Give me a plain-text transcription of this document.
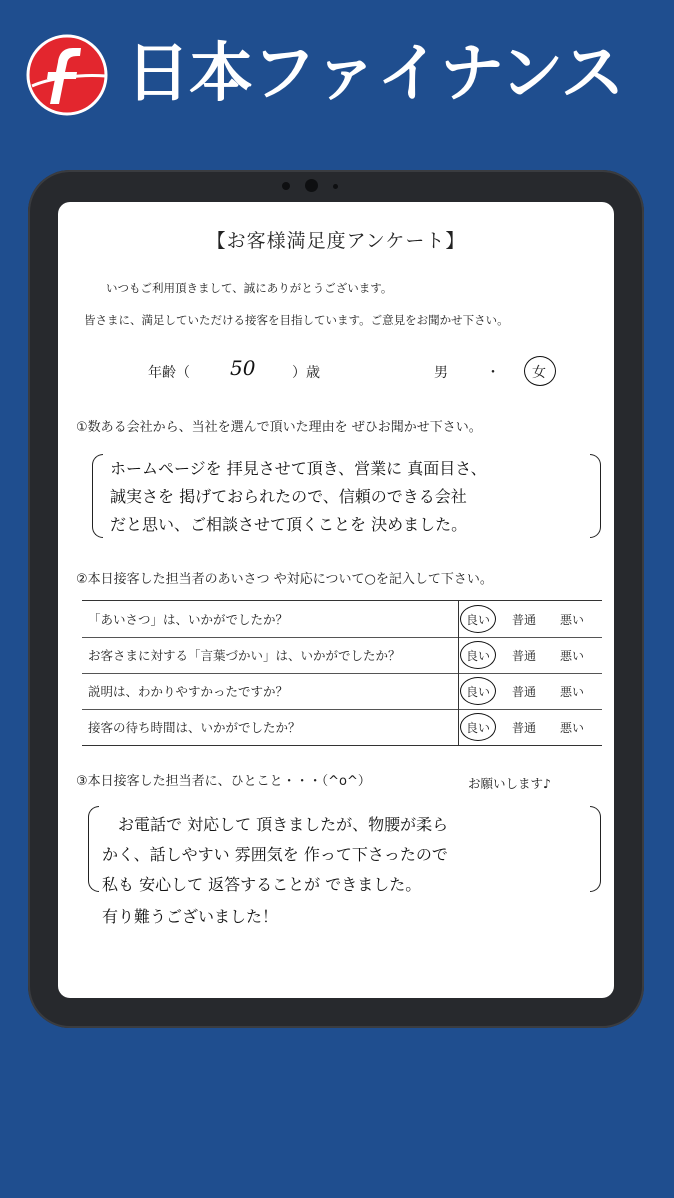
日本ファイナンス
【お客様満足度アンケート】
いつもご利用頂きまして、誠にありがとうございます。
皆さまに、満足していただける接客を目指しています。ご意見をお聞かせ下さい。
年齢（ 50	）歳	男	・ 女
①数ある会社から、当社を選んで頂いた理由を ぜひお聞かせ下さい。
ホームページを 拝見させて頂き、営業に 真面目さ、
誠実さを 掲げておられたので、信頼のできる会社
だと思い、ご相談させて頂くことを 決めました。
②本日接客した担当者のあいさつ や対応について○を記入して下さい。
「あいさつ」は、いかがでしたか？	良い 普通 悪い
お客さまに対する「言葉づかい」は、いかがでしたか？	良い 普通 悪い
説明は、わかりやすかったですか？	良い 普通 悪い
接客の待ち時間は、いかがでしたか？	良い 普通 悪い
③本日接客した担当者に、ひとこと・・・（^o^）	お願いします♪
お電話で 対応して 頂きましたが、物腰が柔ら
かく、話しやすい 雰囲気を 作って下さったので
私も 安心して 返答することが できました。
有り難うございました！
